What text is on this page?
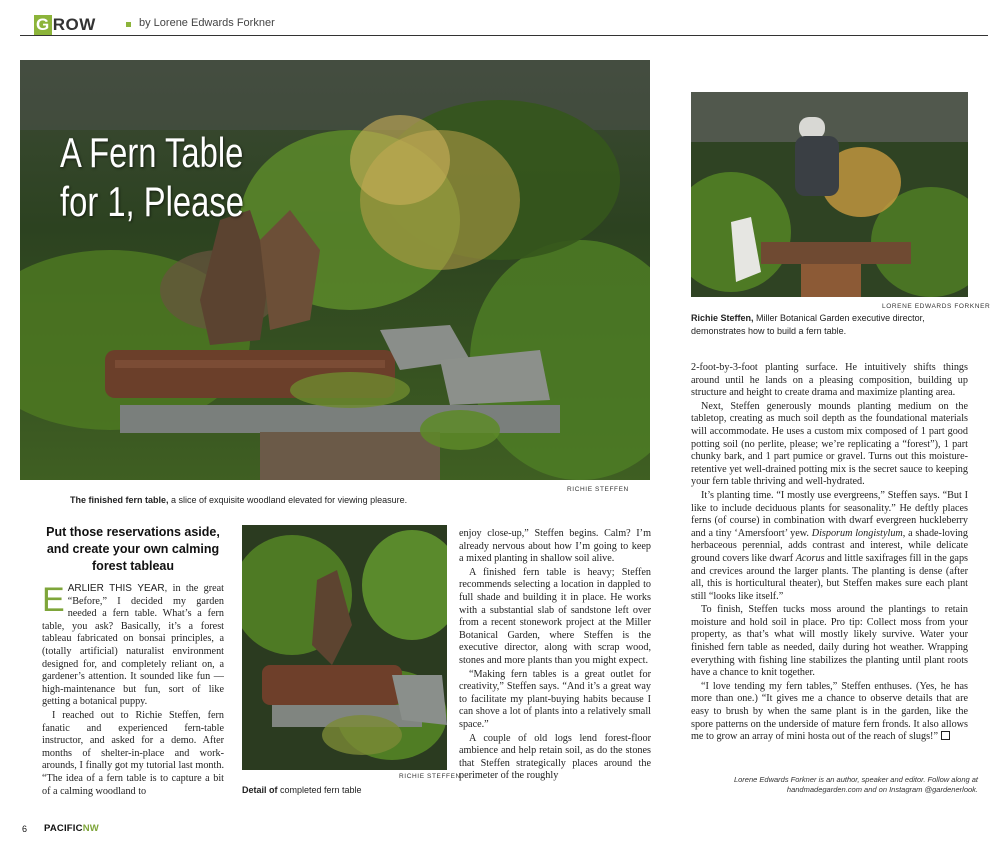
G ROW	by Lorene Edwards Forkner
A Fern Table
for 1, Please
RICHIE STEFFEN
The finished fern table, a slice of exquisite woodland elevated for viewing pleasure.
LORENE EDWARDS FORKNER
Richie Steffen, Miller Botanical Garden executive director, demonstrates how to build a fern table.
RICHIE STEFFEN
Detail of completed fern table
Put those reservations aside, and create your own calming forest tableau

EARLIER THIS YEAR, in the great “Before,” I decided my garden needed a fern table. What’s a fern table, you ask? Basically, it’s a forest tableau fabricated on bonsai principles, a (totally artificial) naturalist environment designed for, and completely reliant on, a gardener’s attention. It sounded like fun — high-maintenance but fun, sort of like getting a botanical puppy.

I reached out to Richie Steffen, fern fanatic and experienced fern-table instructor, and asked for a demo. After months of shelter-in-place and work-arounds, I finally got my tutorial last month. “The idea of a fern table is to capture a bit of a calming woodland to

enjoy close-up,” Steffen begins. Calm? I’m already nervous about how I’m going to keep a mixed planting in shallow soil alive.

A finished fern table is heavy; Steffen recommends selecting a location in dappled to full shade and building it in place. He works with a substantial slab of sandstone left over from a recent stonework project at the Miller Botanical Garden, where Steffen is the executive director, along with scrap wood, stones and more plants than you might expect.

“Making fern tables is a great outlet for creativity,” Steffen says. “And it’s a great way to facilitate my plant-buying habits because I can shove a lot of plants into a relatively small space.”

A couple of old logs lend forest-floor ambience and help retain soil, as do the stones that Steffen strategically places around the perimeter of the roughly

2-foot-by-3-foot planting surface. He intuitively shifts things around until he lands on a pleasing composition, building up structure and height to create drama and maximize planting area.

Next, Steffen generously mounds planting medium on the tabletop, creating as much soil depth as the foundational materials will accommodate. He uses a custom mix composed of 1 part good potting soil (no perlite, please; we’re replicating a “forest”), 1 part chunky bark, and 1 part pumice or gravel. Turns out this moisture-retentive yet well-drained potting mix is the secret sauce to keeping your fern table thriving and well-hydrated.

It’s planting time. “I mostly use evergreens,” Steffen says. “But I like to include deciduous plants for seasonality.” He deftly places ferns (of course) in combination with dwarf evergreen huckleberry and a tiny ‘Amersfoort’ yew. Disporum longistylum, a shade-loving herbaceous perennial, adds contrast and interest, while delicate ground covers like dwarf Acorus and little saxifrages fill in the gaps and crevices around the larger plants. The planting is dense (after all, this is horticultural theater), but Steffen makes sure each plant still “looks like itself.”

To finish, Steffen tucks moss around the plantings to retain moisture and hold soil in place. Pro tip: Collect moss from your property, as that’s what will mostly likely survive. Water your finished fern table as needed, daily during hot weather. Wrapping everything with fishing line stabilizes the planting until plant roots have a chance to knit together.

“I love tending my fern tables,” Steffen enthuses. (Yes, he has more than one.) “It gives me a chance to observe details that are easy to brush by when the same plant is in the garden, like the spore patterns on the underside of mature fern fronds. It also allows me to grow an array of mini hosta out of the reach of slugs!”

Lorene Edwards Forkner is an author, speaker and editor. Follow along at handmadegarden.com and on Instagram @gardenerlook.
6 PACIFICNW
